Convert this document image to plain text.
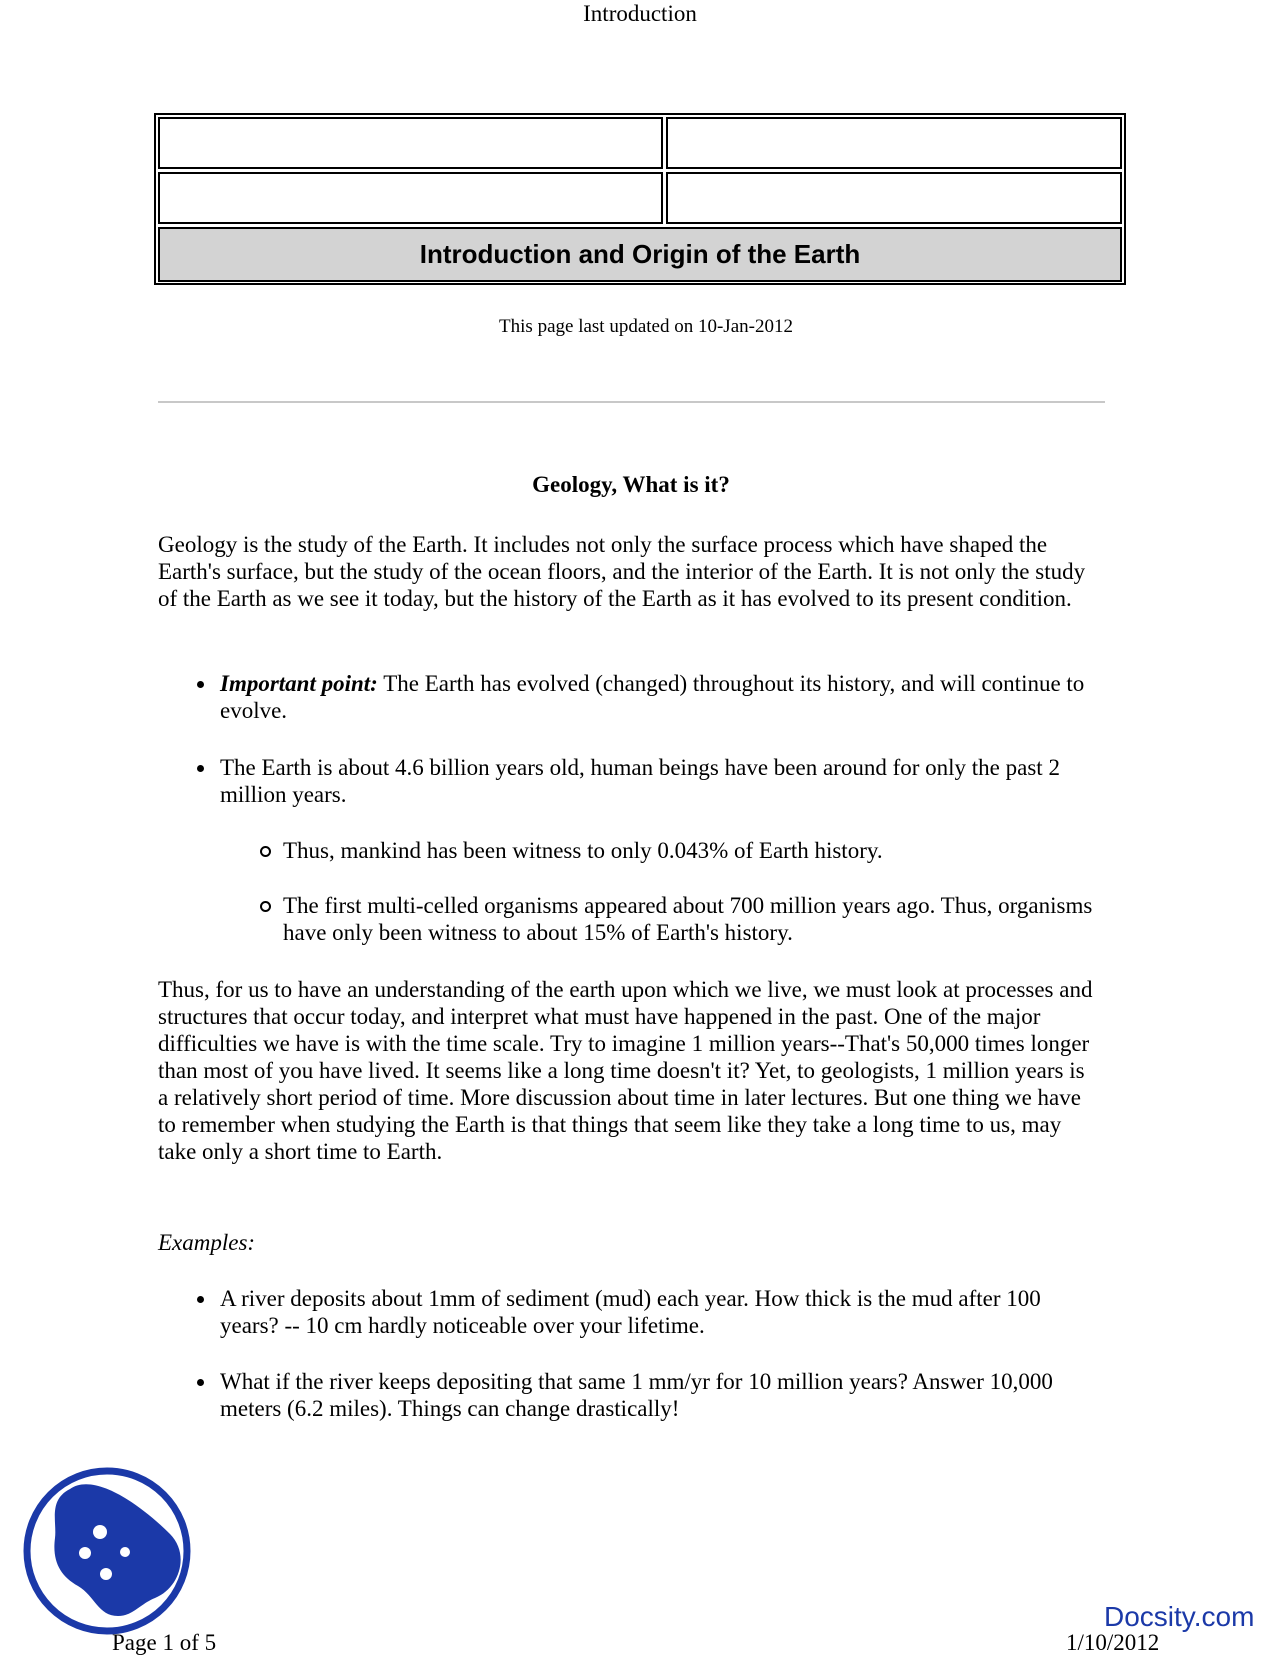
Introduction
Introduction and Origin of the Earth
This page last updated on 10-Jan-2012
Geology, What is it?

Geology is the study of the Earth. It includes not only the surface process which have shaped the Earth's surface, but the study of the ocean floors, and the interior of the Earth. It is not only the study of the Earth as we see it today, but the history of the Earth as it has evolved to its present condition.

Important point: The Earth has evolved (changed) throughout its history, and will continue to evolve.
The Earth is about 4.6 billion years old, human beings have been around for only the past 2 million years.
Thus, mankind has been witness to only 0.043% of Earth history.
The first multi-celled organisms appeared about 700 million years ago. Thus, organisms have only been witness to about 15% of Earth's history.

Thus, for us to have an understanding of the earth upon which we live, we must look at processes and structures that occur today, and interpret what must have happened in the past. One of the major difficulties we have is with the time scale. Try to imagine 1 million years--That's 50,000 times longer than most of you have lived. It seems like a long time doesn't it? Yet, to geologists, 1 million years is a relatively short period of time. More discussion about time in later lectures. But one thing we have to remember when studying the Earth is that things that seem like they take a long time to us, may take only a short time to Earth.

Examples:
A river deposits about 1mm of sediment (mud) each year. How thick is the mud after 100 years? -- 10 cm hardly noticeable over your lifetime.
What if the river keeps depositing that same 1 mm/yr for 10 million years? Answer 10,000 meters (6.2 miles). Things can change drastically!
Docsity.com
Page 1 of 5	1/10/2012
